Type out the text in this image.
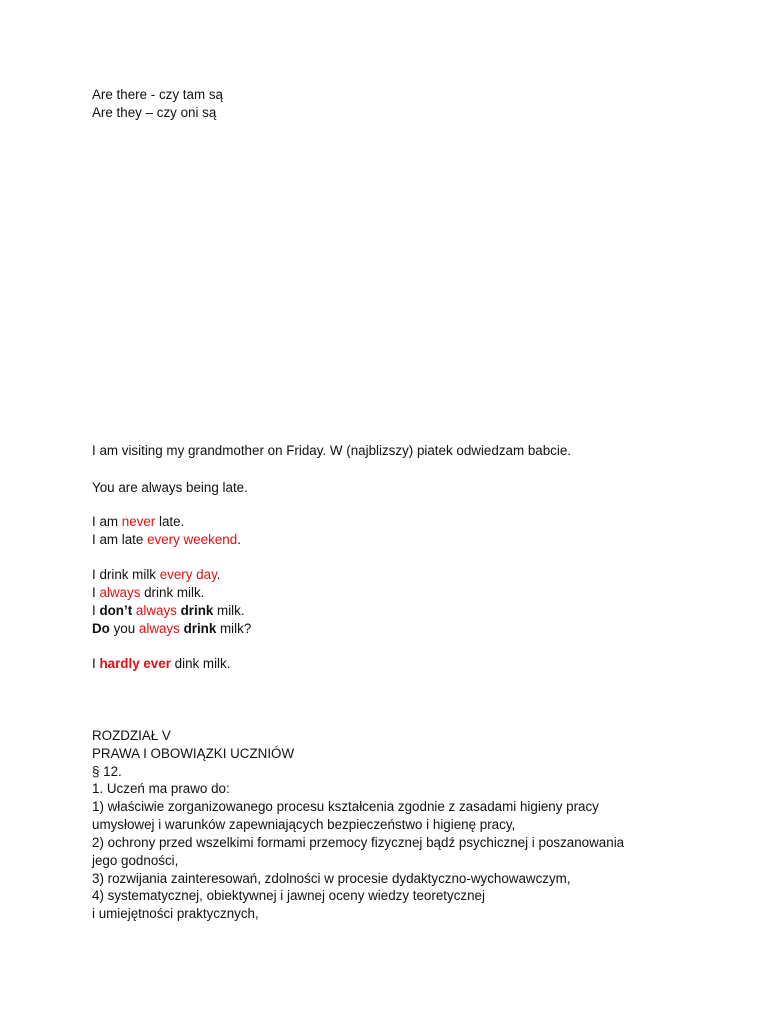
Are there - czy tam są
Are they – czy oni są
I am visiting my grandmother on Friday. W (najblizszy) piatek odwiedzam babcie.
You are always being late.
I am never late.
I am late every weekend.
I drink milk every day.
I always drink milk.
I don’t always drink milk.
Do you always drink milk?
I hardly ever dink milk.
ROZDZIAŁ V
PRAWA I OBOWIĄZKI UCZNIÓW
§ 12.
1. Uczeń ma prawo do:
1) właściwie zorganizowanego procesu kształcenia zgodnie z zasadami higieny pracy
umysłowej i warunków zapewniających bezpieczeństwo i higienę pracy,
2) ochrony przed wszelkimi formami przemocy fizycznej bądź psychicznej i poszanowania
jego godności,
3) rozwijania zainteresowań, zdolności w procesie dydaktyczno-wychowawczym,
4) systematycznej, obiektywnej i jawnej oceny wiedzy teoretycznej
i umiejętności praktycznych,
